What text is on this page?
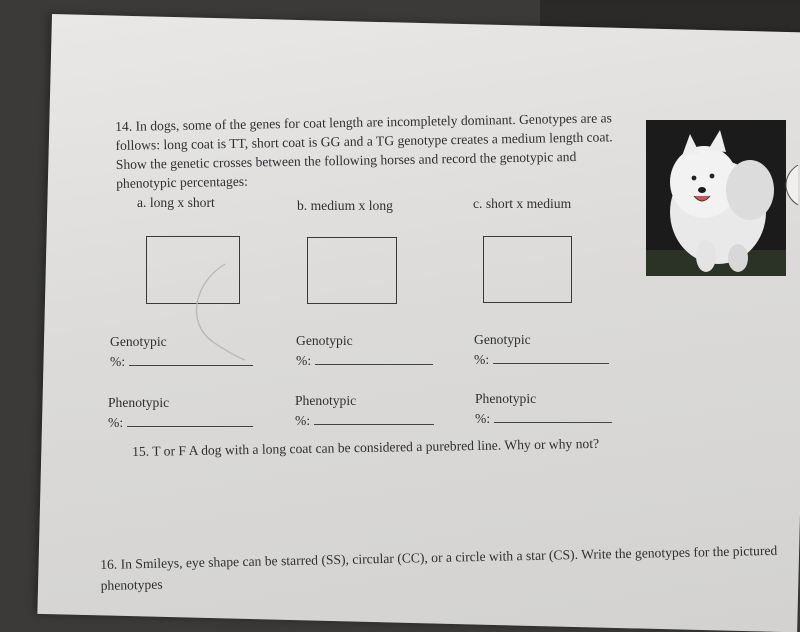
14. In dogs, some of the genes for coat length are incompletely dominant. Genotypes are as follows: long coat is TT, short coat is GG and a TG genotype creates a medium length coat. Show the genetic crosses between the following horses and record the genotypic and phenotypic percentages:

a. long x short	b. medium x long	c. short x medium
Genotypic
%:
Genotypic
%:
Genotypic
%:
Phenotypic
%:
Phenotypic
%:
Phenotypic
%:
15. T or F A dog with a long coat can be considered a purebred line. Why or why not?

16. In Smileys, eye shape can be starred (SS), circular (CC), or a circle with a star (CS). Write the genotypes for the pictured phenotypes
